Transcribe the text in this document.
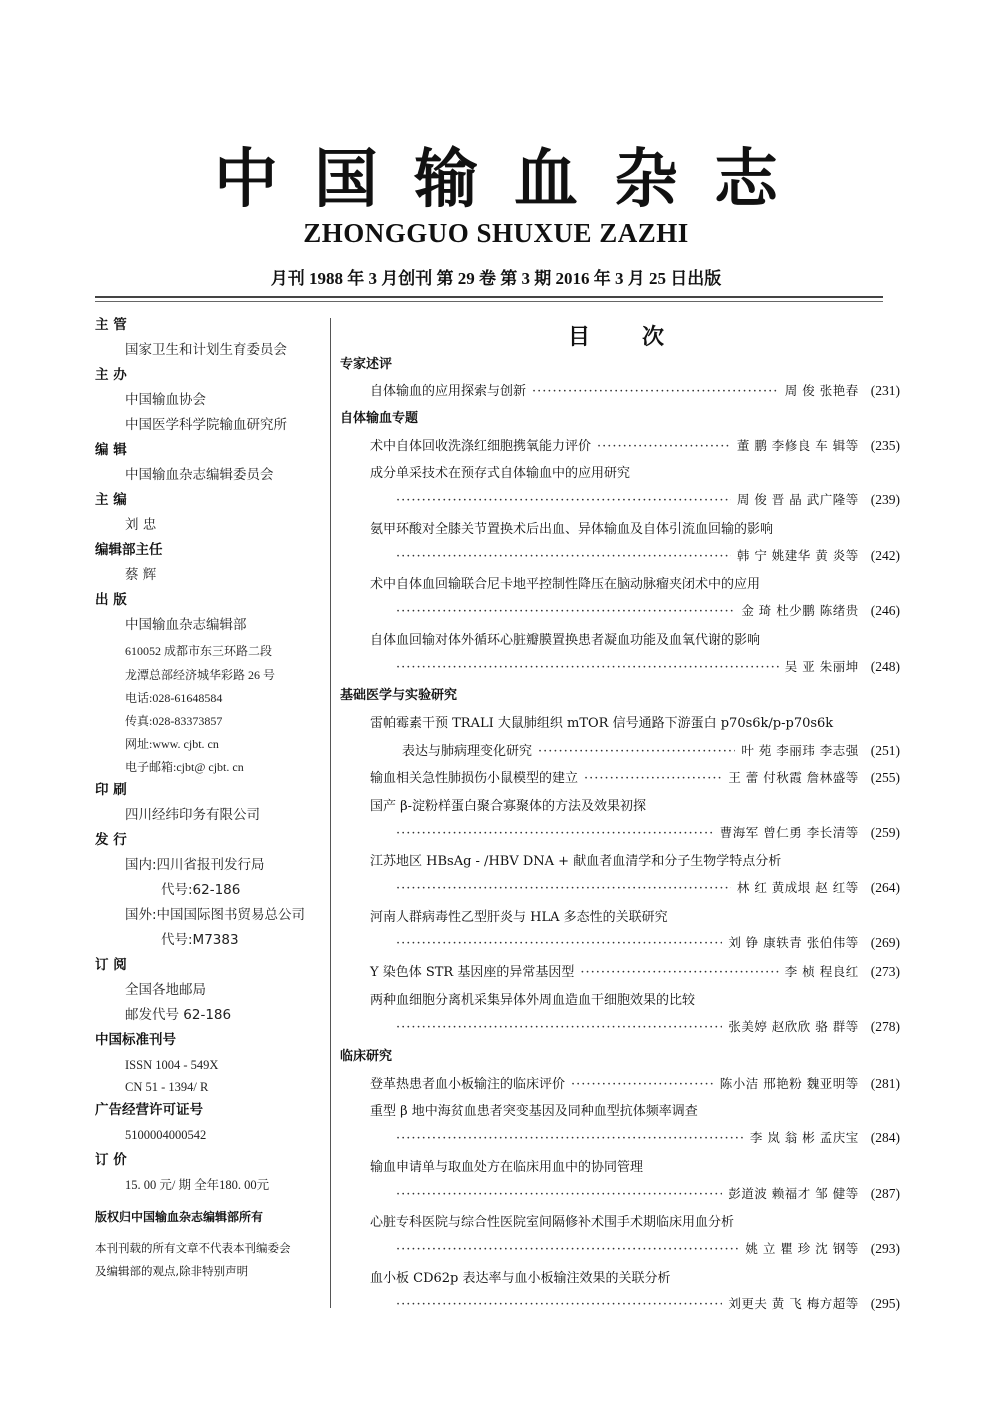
中国输血杂志
ZHONGGUO SHUXUE ZAZHI
月刊 1988 年 3 月创刊 第 29 卷 第 3 期 2016 年 3 月 25 日出版
主 管
国家卫生和计划生育委员会
主 办
中国输血协会
中国医学科学院输血研究所
编 辑
中国输血杂志编辑委员会
主 编
刘 忠
编辑部主任
蔡 辉
出 版
中国输血杂志编辑部
610052 成都市东三环路二段
龙潭总部经济城华彩路 26 号
电话:028-61648584
传真:028-83373857
网址:www. cjbt. cn
电子邮箱:cjbt@ cjbt. cn
印 刷
四川经纬印务有限公司
发 行
国内:四川省报刊发行局
代号:62-186
国外:中国国际图书贸易总公司
代号:M7383
订 阅
全国各地邮局
邮发代号 62-186
中国标准刊号
ISSN 1004 - 549X
CN 51 - 1394/ R
广告经营许可证号
5100004000542
订 价
15. 00 元/ 期 全年180. 00元
版权归中国输血杂志编辑部所有
本刊刊载的所有文章不代表本刊编委会
及编辑部的观点,除非特别声明
目次
专家述评
自体输血的应用探索与创新 ·····	周 俊 张艳春 (231)
自体输血专题
术中自体回收洗涤红细胞携氧能力评价 ·····	董 鹏 李修良 车 辑等 (235)
成分单采技术在预存式自体输血中的应用研究
·····
周 俊 晋 晶 武广隆等 (239)
氨甲环酸对全膝关节置换术后出血、异体输血及自体引流血回输的影响
·····
韩 宁 姚建华 黄 炎等 (242)
术中自体血回输联合尼卡地平控制性降压在脑动脉瘤夹闭术中的应用
·····
金 琦 杜少鹏 陈绪贵 (246)
自体血回输对体外循环心脏瓣膜置换患者凝血功能及血氧代谢的影响
·····
吴 亚 朱丽坤 (248)
基础医学与实验研究
雷帕霉素干预 TRALI 大鼠肺组织 mTOR 信号通路下游蛋白 p70s6k/p-p70s6k
表达与肺病理变化研究 ·····	叶 苑 李丽玮 李志强 (251)
输血相关急性肺损伤小鼠模型的建立 ·····	王 蕾 付秋霞 詹林盛等 (255)
国产 β-淀粉样蛋白聚合寡聚体的方法及效果初探
·····
曹海军 曾仁勇 李长清等 (259)
江苏地区 HBsAg - /HBV DNA + 献血者血清学和分子生物学特点分析
·····
林 红 黄成垠 赵 红等 (264)
河南人群病毒性乙型肝炎与 HLA 多态性的关联研究
·····
刘 铮 康轶青 张伯伟等 (269)
Y 染色体 STR 基因座的异常基因型 ·····	李 桢 程良红 (273)
两种血细胞分离机采集异体外周血造血干细胞效果的比较
·····
张美婷 赵欣欣 骆 群等 (278)
临床研究
登革热患者血小板输注的临床评价 ·····	陈小洁 邢艳粉 魏亚明等 (281)
重型 β 地中海贫血患者突变基因及同种血型抗体频率调查
·····
李 岚 翁 彬 孟庆宝 (284)
输血申请单与取血处方在临床用血中的协同管理
·····
彭道波 赖福才 邹 健等 (287)
心脏专科医院与综合性医院室间隔修补术围手术期临床用血分析
·····
姚 立 瞿 珍 沈 钢等 (293)
血小板 CD62p 表达率与血小板输注效果的关联分析
·····
刘更夫 黄 飞 梅方超等 (295)
